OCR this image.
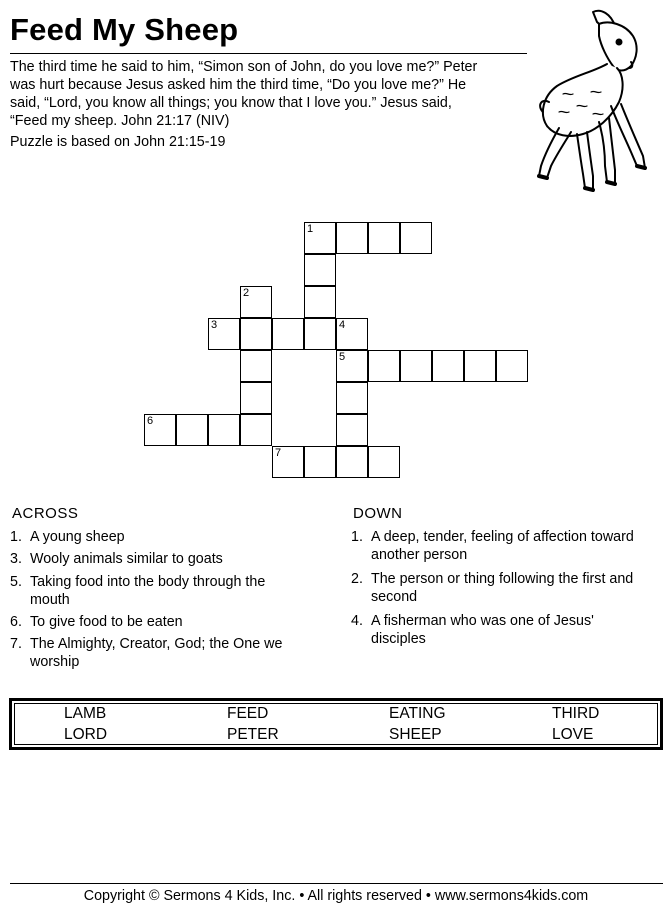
Feed My Sheep
The third time he said to him, “Simon son of John, do you love me?” Peter
was hurt because Jesus asked him the third time, “Do you love me?” He
said, “Lord, you know all things; you know that I love you.” Jesus said,
“Feed my sheep. John 21:17 (NIV)
Puzzle is based on John 21:15-19
1
2
3	4
5
6
7
ACROSS
1. A young sheep
3. Wooly animals similar to goats
5. Taking food into the body through the
mouth
6. To give food to be eaten
7. The Almighty, Creator, God; the One we
worship
DOWN
1. A deep, tender, feeling of affection toward
another person
2. The person or thing following the first and
second
4. A fisherman who was one of Jesus'
disciples
LAMB	FEED	EATING	THIRD
LORD	PETER	SHEEP	LOVE
Copyright © Sermons 4 Kids, Inc. • All rights reserved • www.sermons4kids.com
